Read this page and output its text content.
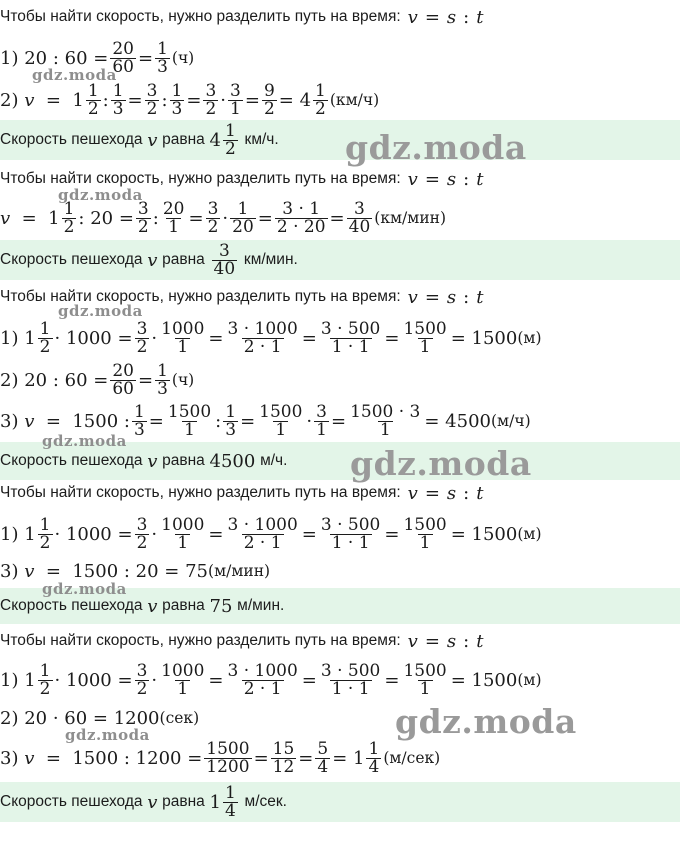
Чтобы найти скорость, нужно разделить путь на время: v = s : t
1) 20 : 60 = 20
60 = 1
3 (ч)
2)
v =  1 1
2 : 1
3 = 3
2 : 1
3 = 3
2 · 3
1 = 9
2 = 4 1
2 (км/ч)
Скорость пешехода
v
равна
4 1
2
км/ч.
Чтобы найти скорость, нужно разделить путь на время: v = s : t
v =  1 1
2 : 20 = 3
2 : 20
1 = 3
2 · 1
20 = 3 · 1
2 · 20 = 3
40 (км/мин)
Скорость пешехода
v
равна
3
40
км/мин.
Чтобы найти скорость, нужно разделить путь на время: v = s : t
1) 1 1
2 · 1000 = 3
2 · 1000
1 = 3 · 1000
2 · 1 = 3 · 500
1 · 1 = 1500
1 = 1500 (м)
2) 20 : 60 = 20
60 = 1
3 (ч)
3)
v =  1500 : 1
3 = 1500
1 : 1
3 = 1500
1 · 3
1 = 1500 · 3
1 = 4500 (м/ч)
Скорость пешехода
v
равна
4500
м/ч.
Чтобы найти скорость, нужно разделить путь на время: v = s : t
1) 1 1
2 · 1000 = 3
2 · 1000
1 = 3 · 1000
2 · 1 = 3 · 500
1 · 1 = 1500
1 = 1500 (м)
3)
v =  1500 : 20 = 75 (м/мин)
Скорость пешехода
v
равна
75
м/мин.
Чтобы найти скорость, нужно разделить путь на время: v = s : t
1) 1 1
2 · 1000 = 3
2 · 1000
1 = 3 · 1000
2 · 1 = 3 · 500
1 · 1 = 1500
1 = 1500 (м)
2) 20 · 60 = 1200 (сек)
3)
v =  1500 : 1200 = 1500
1200 = 15
12 = 5
4 = 1 1
4 (м/сек)
Скорость пешехода
v
равна
1 1
4
м/сек.
gdz.moda
gdz.moda
gdz.moda
gdz.moda
gdz.moda
gdz.moda
gdz.moda
gdz.moda
gdz.moda
